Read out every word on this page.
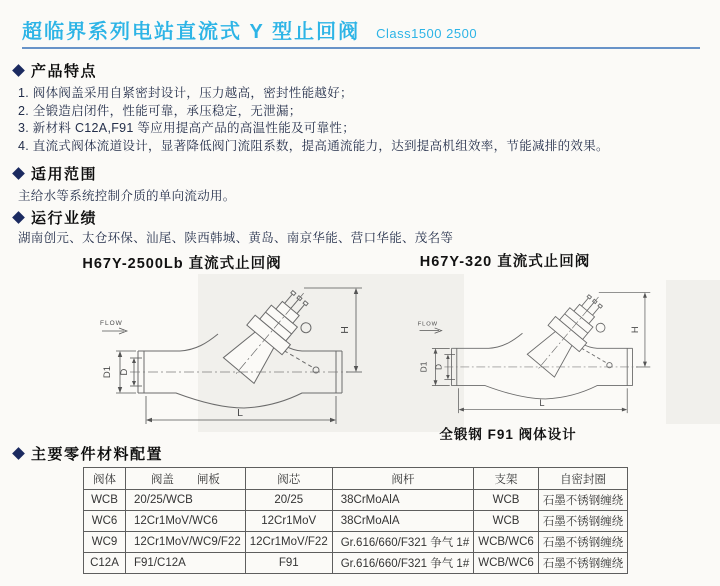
超临界系列电站直流式 Y 型止回阀 Class1500 2500
产品特点
1. 阀体阀盖采用自紧密封设计，压力越高，密封性能越好；
2. 全锻造启闭件，性能可靠，承压稳定，无泄漏；
3. 新材料 C12A,F91 等应用提高产品的高温性能及可靠性；
4. 直流式阀体流道设计，显著降低阀门流阻系数，提高通流能力，达到提高机组效率，节能减排的效果。
适用范围
主给水等系统控制介质的单向流动用。
运行业绩
湖南创元、太仓环保、汕尾、陕西韩城、黄岛、南京华能、营口华能、茂名等
H67Y-2500Lb 直流式止回阀	H67Y-320 直流式止回阀
FLOW
D1 D
H
L
FLOW
D1 D
H
L
全锻钢 F91 阀体设计
主要零件材料配置
阀体	阀盖　　闸板	阀芯	阀杆	支架	自密封圈
WCB	20/25/WCB	20/25	38CrMoAlA	WCB	石墨不锈钢缠绕
WC6	12Cr1MoV/WC6	12Cr1MoV	38CrMoAlA	WCB	石墨不锈钢缠绕
WC9	12Cr1MoV/WC9/F22	12Cr1MoV/F22	Gr.616/660/F321 争气 1#	WCB/WC6	石墨不锈钢缠绕
C12A	F91/C12A	F91	Gr.616/660/F321 争气 1#	WCB/WC6	石墨不锈钢缠绕
